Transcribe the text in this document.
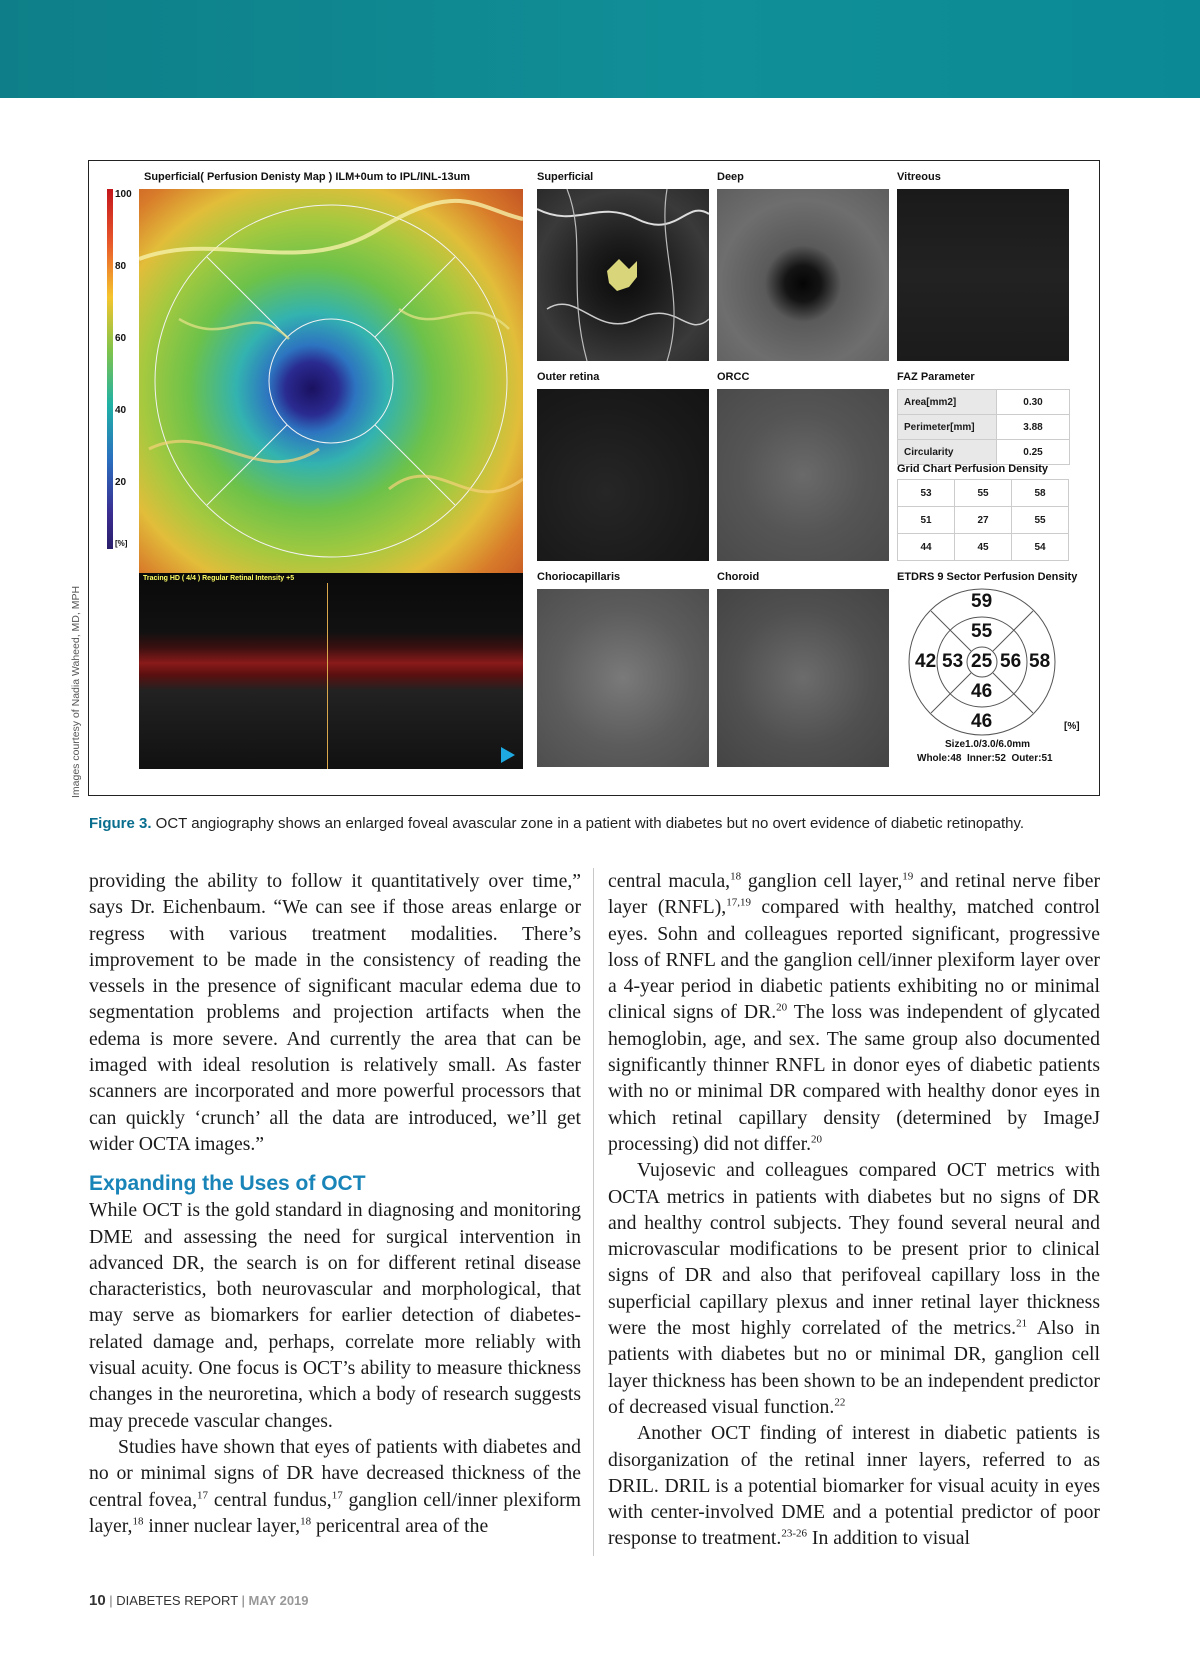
Images courtesy of Nadia Waheed, MD, MPH
Superficial( Perfusion Denisty Map ) ILM+0um to IPL/INL-13um
100
80
60
40
20
[%]
Tracing HD ( 4/4 ) Regular Retinal Intensity +5
Superficial	Deep	Vitreous
Outer retina	ORCC
Choriocapillaris	Choroid
FAZ Parameter
Area[mm2]	0.30
Perimeter[mm]	3.88
Circularity	0.25
Grid Chart Perfusion Density
53	55	58
51	27	55
44	45	54
ETDRS 9 Sector Perfusion Density
59
55
42 53 25 56 58
46
46	[%]
Size1.0/3.0/6.0mm
Whole:48  Inner:52  Outer:51
Figure 3. OCT angiography shows an enlarged foveal avascular zone in a patient with diabetes but no overt evidence of diabetic retinopathy.

providing the ability to follow it quantitatively over time,” says Dr. Eichenbaum. “We can see if those areas enlarge or regress with various treatment modalities. There’s improvement to be made in the consistency of reading the vessels in the presence of significant macular edema due to segmentation problems and projection artifacts when the edema is more severe. And currently the area that can be imaged with ideal resolution is relatively small. As faster scanners are incorporated and more powerful processors that can quickly ‘crunch’ all the data are introduced, we’ll get wider OCTA images.”

Expanding the Uses of OCT

While OCT is the gold standard in diagnosing and monitoring DME and assessing the need for surgical intervention in advanced DR, the search is on for different retinal disease characteristics, both neurovascular and morphological, that may serve as biomarkers for earlier detection of diabetes-related damage and, perhaps, correlate more reliably with visual acuity. One focus is OCT’s ability to measure thickness changes in the neuroretina, which a body of research suggests may precede vascular changes.

Studies have shown that eyes of patients with diabetes and no or minimal signs of DR have decreased thickness of the central fovea,$^{17}$ central fundus,$^{17}$ ganglion cell/inner plexiform layer,$^{18}$ inner nuclear layer,$^{18}$ pericentral area of the

central macula,$^{18}$ ganglion cell layer,$^{19}$ and retinal nerve fiber layer (RNFL),$^{17,19}$ compared with healthy, matched control eyes. Sohn and colleagues reported significant, progressive loss of RNFL and the ganglion cell/inner plexiform layer over a 4-year period in diabetic patients exhibiting no or minimal clinical signs of DR.$^{20}$ The loss was independent of glycated hemoglobin, age, and sex. The same group also documented significantly thinner RNFL in donor eyes of diabetic patients with no or minimal DR compared with healthy donor eyes in which retinal capillary density (determined by ImageJ processing) did not differ.$^{20}$

Vujosevic and colleagues compared OCT metrics with OCTA metrics in patients with diabetes but no signs of DR and healthy control subjects. They found several neural and microvascular modifications to be present prior to clinical signs of DR and also that perifoveal capillary loss in the superficial capillary plexus and inner retinal layer thickness were the most highly correlated of the metrics.$^{21}$ Also in patients with diabetes but no or minimal DR, ganglion cell layer thickness has been shown to be an independent predictor of decreased visual function.$^{22}$

Another OCT finding of interest in diabetic patients is disorganization of the retinal inner layers, referred to as DRIL. DRIL is a potential biomarker for visual acuity in eyes with center-involved DME and a potential predictor of poor response to treatment.$^{23-26}$ In addition to visual

10 | DIABETES REPORT | MAY 2019
